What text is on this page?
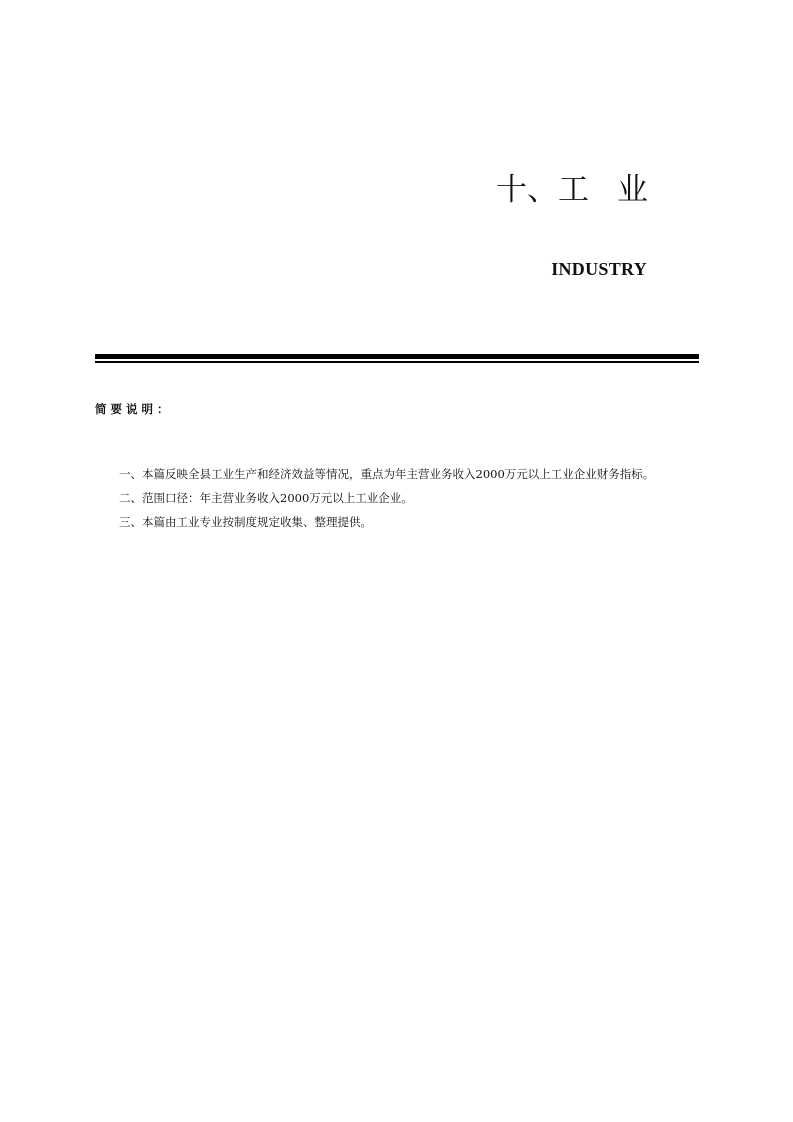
十、工 业
INDUSTRY
简要说明：

一、本篇反映全县工业生产和经济效益等情况，重点为年主营业务收入2000万元以上工业企业财务指标。

二、范围口径：年主营业务收入2000万元以上工业企业。

三、本篇由工业专业按制度规定收集、整理提供。
